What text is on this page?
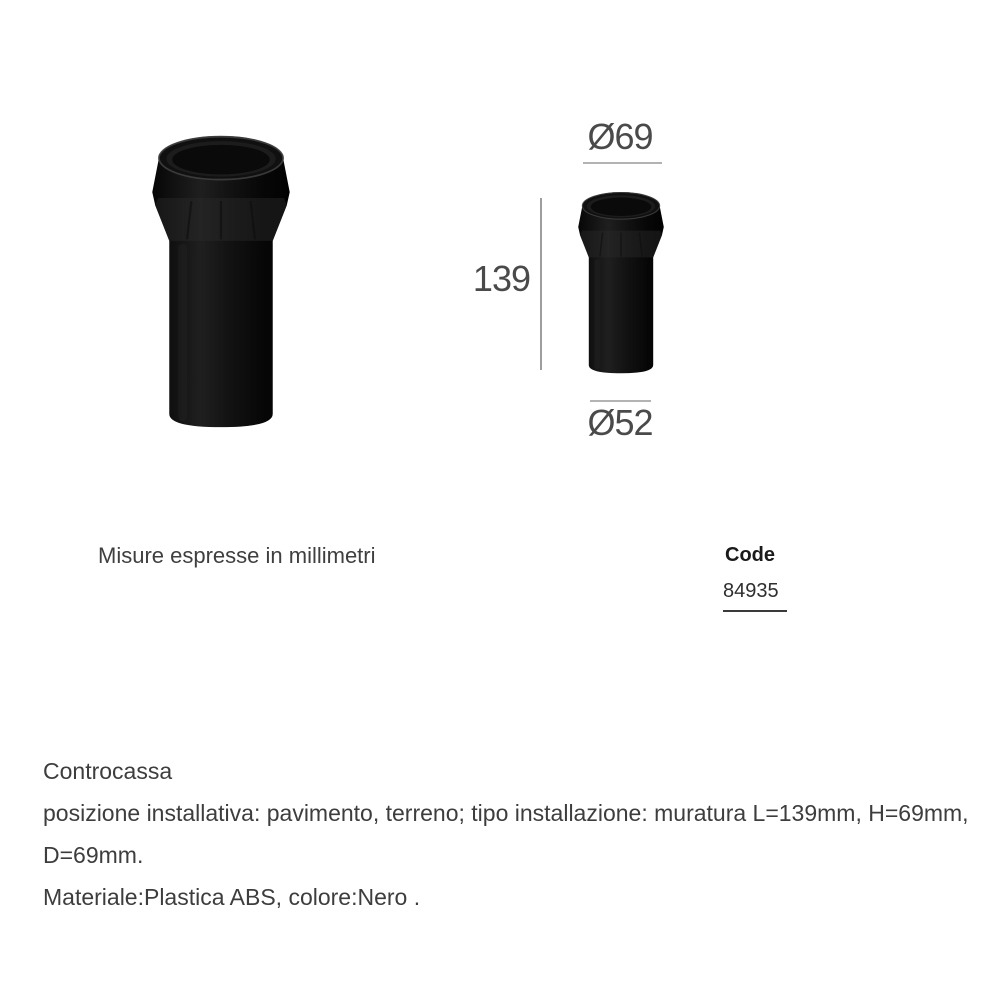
Ø69
139
Ø52
Misure espresse in millimetri	Code
84935
Controcassa
posizione installativa: pavimento, terreno; tipo installazione: muratura L=139mm, H=69mm,
D=69mm.
Materiale:Plastica ABS, colore:Nero .
